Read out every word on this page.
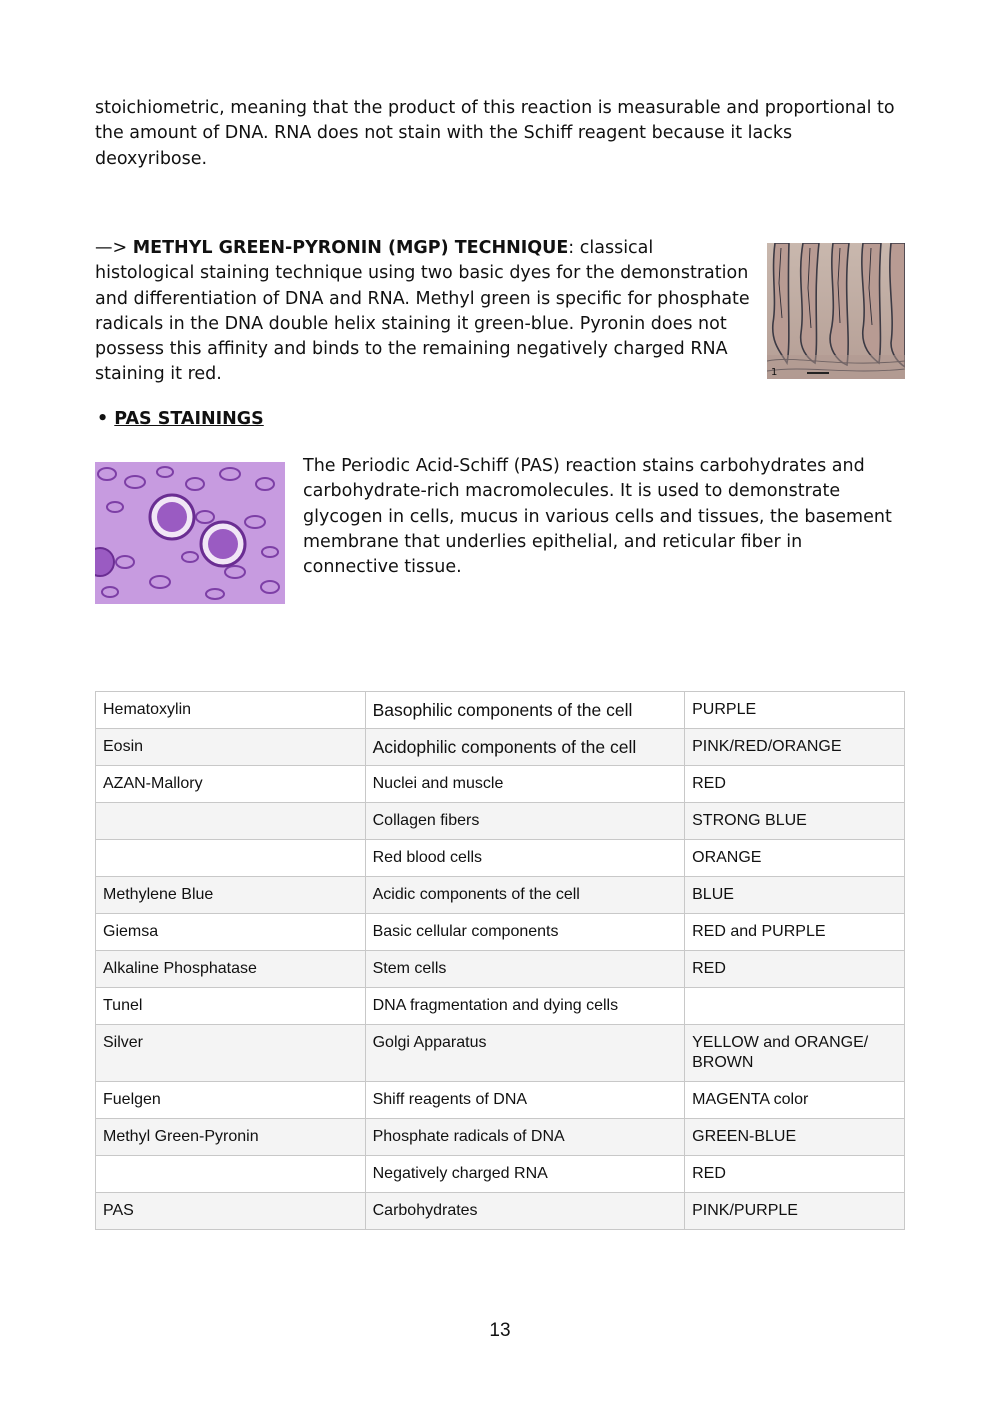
stoichiometric, meaning that the product of this reaction is measurable and proportional to the amount of DNA. RNA does not stain with the Schiff reagent because it lacks deoxyribose.

—> METHYL GREEN-PYRONIN (MGP) TECHNIQUE: classical histological staining technique using two basic dyes for the demonstration and differentiation of DNA and RNA. Methyl green is specific for phosphate radicals in the DNA double helix staining it green-blue. Pyronin does not possess this affinity and binds to the remaining negatively charged RNA staining it red.	1
• PAS STAININGS

The Periodic Acid-Schiff (PAS) reaction stains carbohydrates and carbohydrate-rich macromolecules. It is used to demonstrate glycogen in cells, mucus in various cells and tissues, the basement membrane that underlies epithelial, and reticular fiber in connective tissue.

Hematoxylin	Basophilic components of the cell	PURPLE
Eosin	Acidophilic components of the cell	PINK/RED/ORANGE
AZAN-Mallory	Nuclei and muscle	RED
	Collagen fibers	STRONG BLUE
	Red blood cells	ORANGE
Methylene Blue	Acidic components of the cell	BLUE
Giemsa	Basic cellular components	RED and PURPLE
Alkaline Phosphatase	Stem cells	RED
Tunel	DNA fragmentation and dying cells	
Silver	Golgi Apparatus	YELLOW and ORANGE/ BROWN
Fuelgen	Shiff reagents of DNA	MAGENTA color
Methyl Green-Pyronin	Phosphate radicals of DNA	GREEN-BLUE
	Negatively charged RNA	RED
PAS	Carbohydrates	PINK/PURPLE
13
